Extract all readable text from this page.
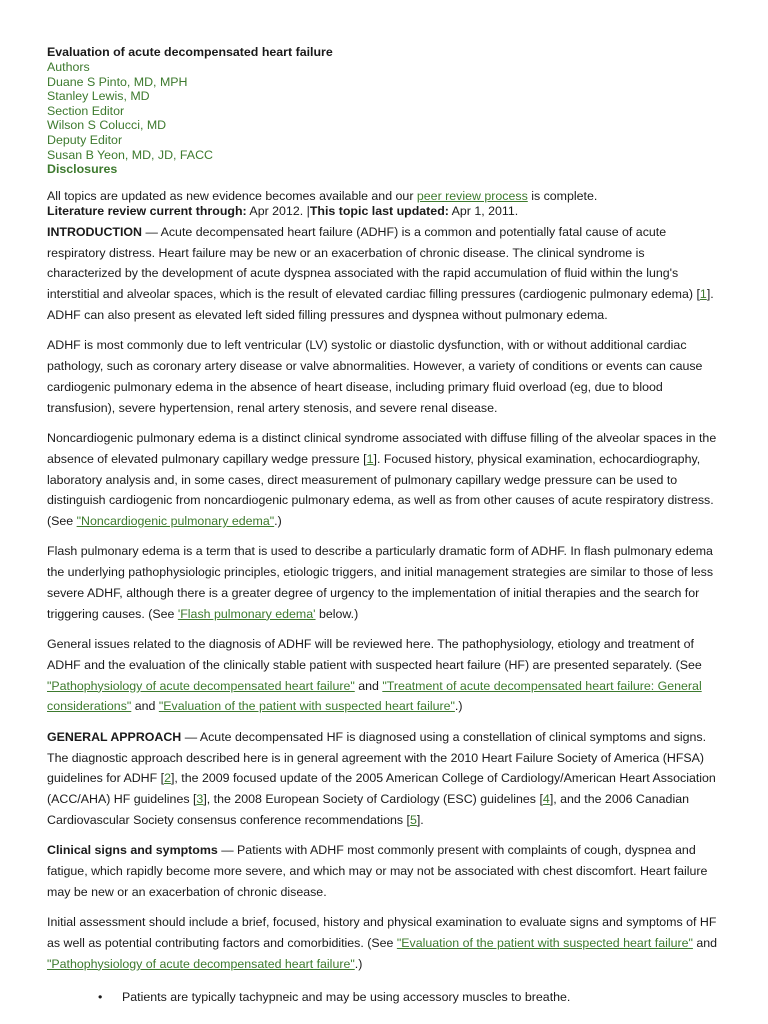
Evaluation of acute decompensated heart failure
Authors
Duane S Pinto, MD, MPH
Stanley Lewis, MD
Section Editor
Wilson S Colucci, MD
Deputy Editor
Susan B Yeon, MD, JD, FACC
Disclosures
All topics are updated as new evidence becomes available and our peer review process is complete.
Literature review current through: Apr 2012. |This topic last updated: Apr 1, 2011.

INTRODUCTION — Acute decompensated heart failure (ADHF) is a common and potentially fatal cause of acute respiratory distress. Heart failure may be new or an exacerbation of chronic disease. The clinical syndrome is characterized by the development of acute dyspnea associated with the rapid accumulation of fluid within the lung's interstitial and alveolar spaces, which is the result of elevated cardiac filling pressures (cardiogenic pulmonary edema) [1]. ADHF can also present as elevated left sided filling pressures and dyspnea without pulmonary edema.

ADHF is most commonly due to left ventricular (LV) systolic or diastolic dysfunction, with or without additional cardiac pathology, such as coronary artery disease or valve abnormalities. However, a variety of conditions or events can cause cardiogenic pulmonary edema in the absence of heart disease, including primary fluid overload (eg, due to blood transfusion), severe hypertension, renal artery stenosis, and severe renal disease.

Noncardiogenic pulmonary edema is a distinct clinical syndrome associated with diffuse filling of the alveolar spaces in the absence of elevated pulmonary capillary wedge pressure [1]. Focused history, physical examination, echocardiography, laboratory analysis and, in some cases, direct measurement of pulmonary capillary wedge pressure can be used to distinguish cardiogenic from noncardiogenic pulmonary edema, as well as from other causes of acute respiratory distress. (See "Noncardiogenic pulmonary edema".)

Flash pulmonary edema is a term that is used to describe a particularly dramatic form of ADHF. In flash pulmonary edema the underlying pathophysiologic principles, etiologic triggers, and initial management strategies are similar to those of less severe ADHF, although there is a greater degree of urgency to the implementation of initial therapies and the search for triggering causes. (See 'Flash pulmonary edema' below.)

General issues related to the diagnosis of ADHF will be reviewed here. The pathophysiology, etiology and treatment of ADHF and the evaluation of the clinically stable patient with suspected heart failure (HF) are presented separately. (See "Pathophysiology of acute decompensated heart failure" and "Treatment of acute decompensated heart failure: General considerations" and "Evaluation of the patient with suspected heart failure".)

GENERAL APPROACH — Acute decompensated HF is diagnosed using a constellation of clinical symptoms and signs. The diagnostic approach described here is in general agreement with the 2010 Heart Failure Society of America (HFSA) guidelines for ADHF [2], the 2009 focused update of the 2005 American College of Cardiology/American Heart Association (ACC/AHA) HF guidelines [3], the 2008 European Society of Cardiology (ESC) guidelines [4], and the 2006 Canadian Cardiovascular Society consensus conference recommendations [5].

Clinical signs and symptoms — Patients with ADHF most commonly present with complaints of cough, dyspnea and fatigue, which rapidly become more severe, and which may or may not be associated with chest discomfort. Heart failure may be new or an exacerbation of chronic disease.

Initial assessment should include a brief, focused, history and physical examination to evaluate signs and symptoms of HF as well as potential contributing factors and comorbidities. (See "Evaluation of the patient with suspected heart failure" and "Pathophysiology of acute decompensated heart failure".)

• Patients are typically tachypneic and may be using accessory muscles to breathe.
